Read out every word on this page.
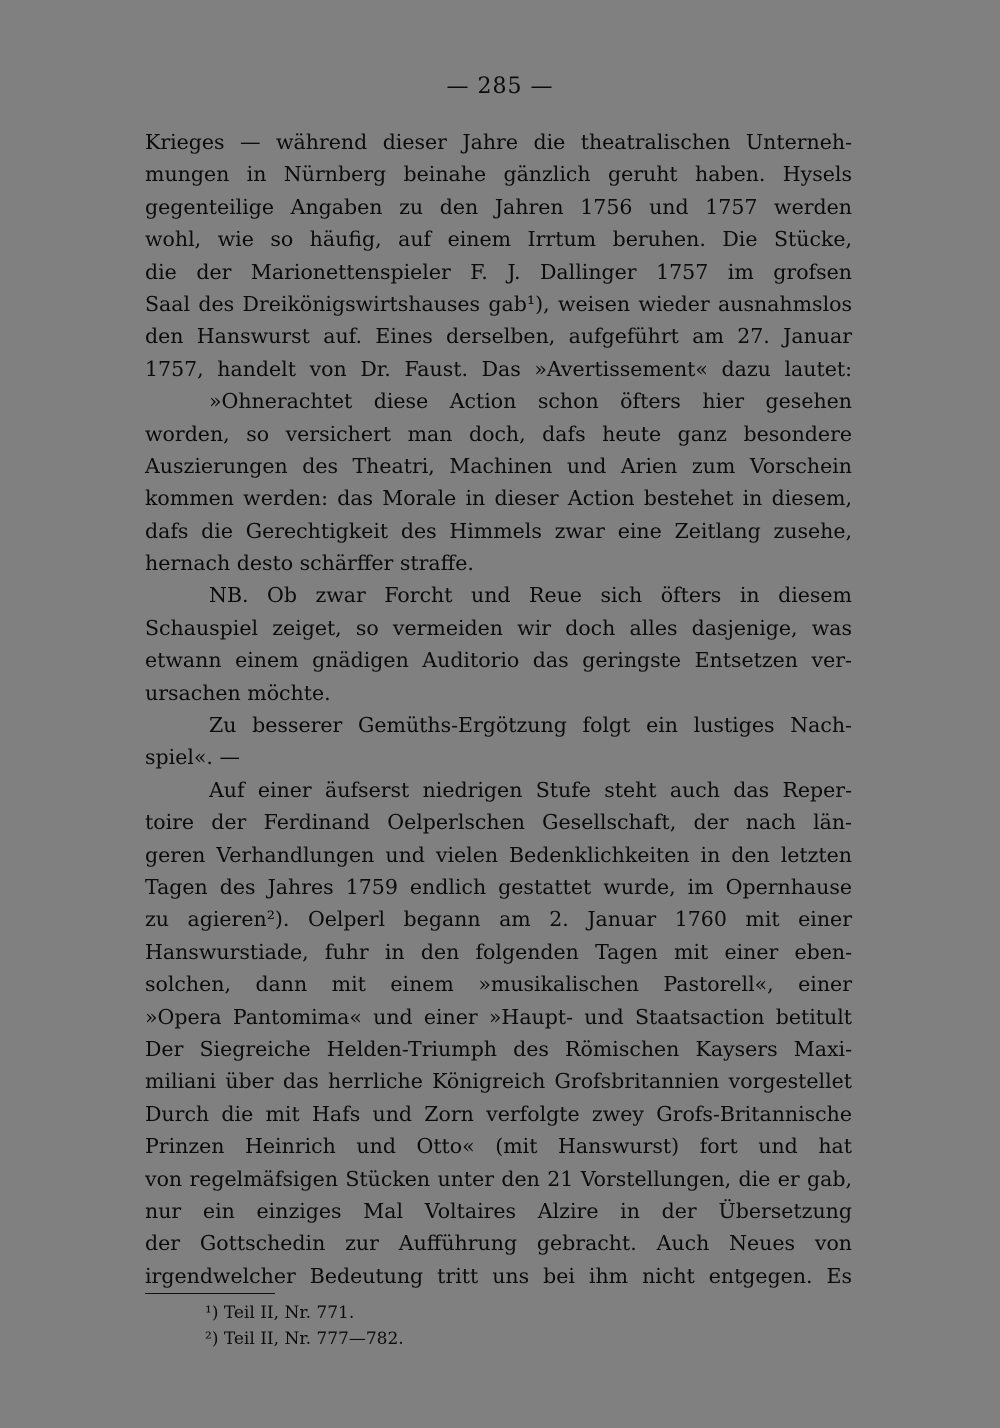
— 285 —
Krieges — während dieser Jahre die theatralischen Unterneh-
mungen in Nürnberg beinahe gänzlich geruht haben. Hysels
gegenteilige Angaben zu den Jahren 1756 und 1757 werden
wohl, wie so häufig, auf einem Irrtum beruhen. Die Stücke,
die der Marionettenspieler F. J. Dallinger 1757 im grofsen
Saal des Dreikönigswirtshauses gab¹), weisen wieder ausnahmslos
den Hanswurst auf. Eines derselben, aufgeführt am 27. Januar
1757, handelt von Dr. Faust. Das »Avertissement« dazu lautet:
»Ohnerachtet diese Action schon öfters hier gesehen
worden, so versichert man doch, dafs heute ganz besondere
Auszierungen des Theatri, Machinen und Arien zum Vorschein
kommen werden: das Morale in dieser Action bestehet in diesem,
dafs die Gerechtigkeit des Himmels zwar eine Zeitlang zusehe,
hernach desto schärffer straffe.
NB. Ob zwar Forcht und Reue sich öfters in diesem
Schauspiel zeiget, so vermeiden wir doch alles dasjenige, was
etwann einem gnädigen Auditorio das geringste Entsetzen ver-
ursachen möchte.
Zu besserer Gemüths-Ergötzung folgt ein lustiges Nach-
spiel«. —
Auf einer äufserst niedrigen Stufe steht auch das Reper-
toire der Ferdinand Oelperlschen Gesellschaft, der nach län-
geren Verhandlungen und vielen Bedenklichkeiten in den letzten
Tagen des Jahres 1759 endlich gestattet wurde, im Opernhause
zu agieren²). Oelperl begann am 2. Januar 1760 mit einer
Hanswurstiade, fuhr in den folgenden Tagen mit einer eben-
solchen, dann mit einem »musikalischen Pastorell«, einer
»Opera Pantomima« und einer »Haupt- und Staatsaction betitult
Der Siegreiche Helden-Triumph des Römischen Kaysers Maxi-
miliani über das herrliche Königreich Grofsbritannien vorgestellet
Durch die mit Hafs und Zorn verfolgte zwey Grofs-Britannische
Prinzen Heinrich und Otto« (mit Hanswurst) fort und hat
von regelmäfsigen Stücken unter den 21 Vorstellungen, die er gab,
nur ein einziges Mal Voltaires Alzire in der Übersetzung
der Gottschedin zur Aufführung gebracht. Auch Neues von
irgendwelcher Bedeutung tritt uns bei ihm nicht entgegen. Es
¹) Teil II, Nr. 771.
²) Teil II, Nr. 777—782.
